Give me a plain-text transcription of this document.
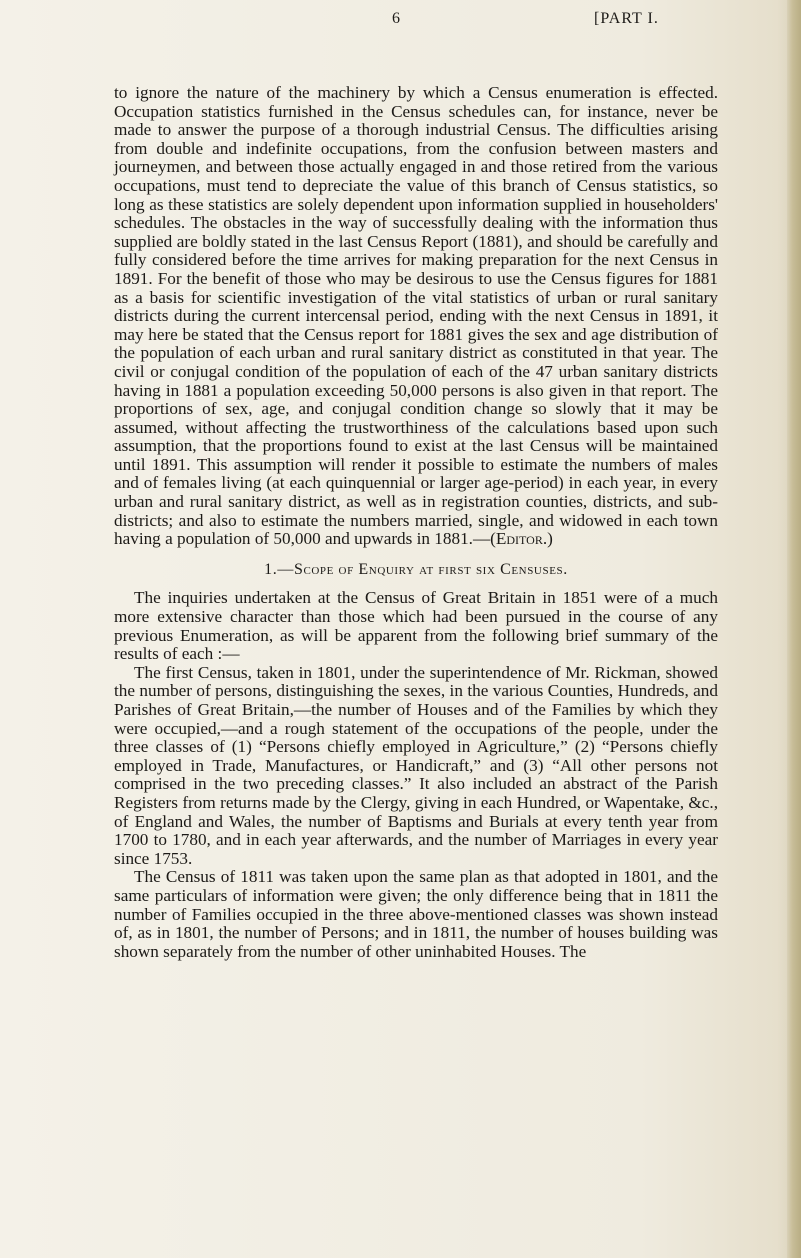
6	[PART I.

to ignore the nature of the machinery by which a Census enumeration is effected. Occupation statistics furnished in the Census schedules can, for instance, never be made to answer the purpose of a thorough industrial Census. The difficulties arising from double and indefinite occupations, from the confusion between masters and journeymen, and between those actually engaged in and those retired from the various occupations, must tend to depreciate the value of this branch of Census statistics, so long as these statistics are solely dependent upon information supplied in householders' schedules. The obstacles in the way of successfully dealing with the information thus supplied are boldly stated in the last Census Report (1881), and should be carefully and fully considered before the time arrives for making preparation for the next Census in 1891. For the benefit of those who may be desirous to use the Census figures for 1881 as a basis for scientific investigation of the vital statistics of urban or rural sanitary districts during the current intercensal period, ending with the next Census in 1891, it may here be stated that the Census report for 1881 gives the sex and age distribution of the population of each urban and rural sanitary district as constituted in that year. The civil or conjugal condition of the population of each of the 47 urban sanitary districts having in 1881 a population exceeding 50,000 persons is also given in that report. The proportions of sex, age, and conjugal condition change so slowly that it may be assumed, without affecting the trustworthiness of the calculations based upon such assumption, that the proportions found to exist at the last Census will be maintained until 1891. This assumption will render it possible to estimate the numbers of males and of females living (at each quinquennial or larger age-period) in each year, in every urban and rural sanitary district, as well as in registration counties, districts, and sub-districts; and also to estimate the numbers married, single, and widowed in each town having a population of 50,000 and upwards in 1881.—(Editor.)

1.—Scope of Enquiry at first six Censuses.

The inquiries undertaken at the Census of Great Britain in 1851 were of a much more extensive character than those which had been pursued in the course of any previous Enumeration, as will be apparent from the following brief summary of the results of each :—

The first Census, taken in 1801, under the superintendence of Mr. Rickman, showed the number of persons, distinguishing the sexes, in the various Counties, Hundreds, and Parishes of Great Britain,—the number of Houses and of the Families by which they were occupied,—and a rough statement of the occupations of the people, under the three classes of (1) “Persons chiefly employed in Agriculture,” (2) “Persons chiefly employed in Trade, Manufactures, or Handicraft,” and (3) “All other persons not comprised in the two preceding classes.” It also included an abstract of the Parish Registers from returns made by the Clergy, giving in each Hundred, or Wapentake, &c., of England and Wales, the number of Baptisms and Burials at every tenth year from 1700 to 1780, and in each year afterwards, and the number of Marriages in every year since 1753.

The Census of 1811 was taken upon the same plan as that adopted in 1801, and the same particulars of information were given; the only difference being that in 1811 the number of Families occupied in the three above-mentioned classes was shown instead of, as in 1801, the number of Persons; and in 1811, the number of houses building was shown separately from the number of other uninhabited Houses. The
